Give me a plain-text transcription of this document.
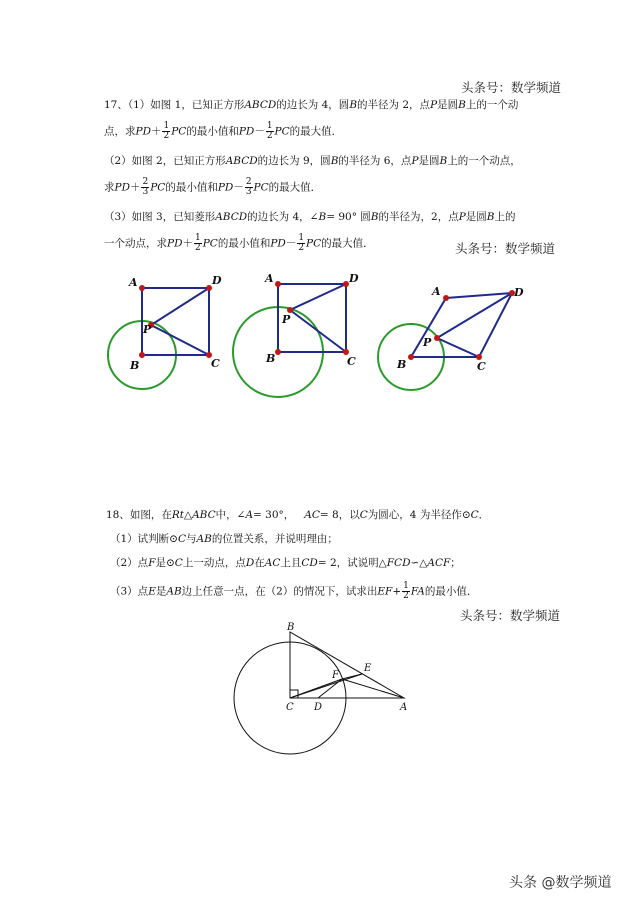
头条号：数学频道
头条号：数学频道
头条号：数学频道
17、（1）如图 1，已知正方形ABCD的边长为 4，圆B的半径为 2，点P是圆B上的一个动
点，求$PD+ \frac{1}{2}$ PC的最小值和$PD- \frac{1}{2}$ PC的最大值．
（2）如图 2，已知正方形ABCD的边长为 9，圆B的半径为 6，点P是圆B上的一个动点，
求$PD+ \frac{2}{3}$ PC的最小值和$PD- \frac{2}{3}$ PC的最大值．
（3）如图 3，已知菱形ABCD的边长为 4，∠B= 90° 圆B的半径为，2，点P是圆B上的
一个动点，求$PD+ \frac{1}{2}$ PC的最小值和$PD- \frac{1}{2}$ PC的最大值．
A	D
B	C
P
A	D
B	C
P
A	D
B	C
P
18、如图，在Rt△ABC中，∠A= 30°， AC= 8，以C为圆心，4 为半径作⊙C．
（1）试判断⊙C与AB的位置关系，并说明理由；
（2）点F是⊙C上一动点，点D在AC上且CD= 2，试说明△FCD∽△ACF；
（3）点E是AB边上任意一点，在（2）的情况下，试求出$EF+ \frac{1}{2}$ FA的最小值．
B
C D	A
E
F
头条 @数学频道
